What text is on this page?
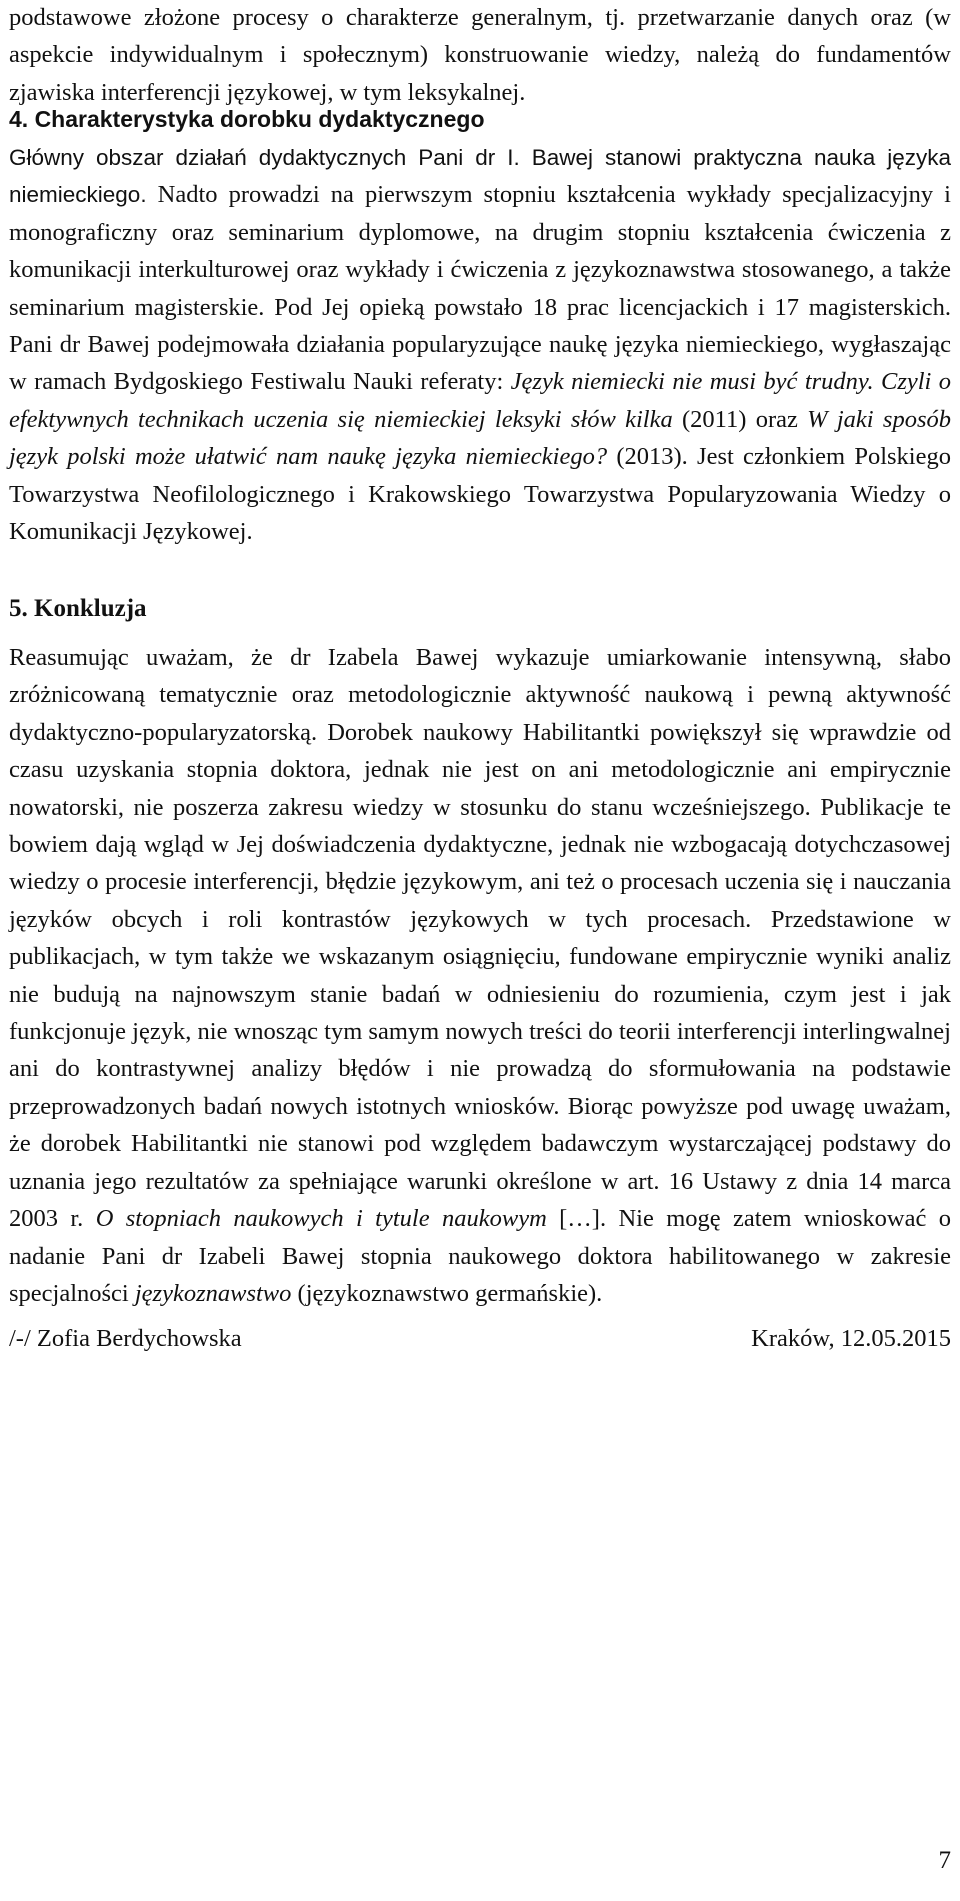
podstawowe złożone procesy o charakterze generalnym, tj. przetwarzanie danych oraz (w aspekcie indywidualnym i społecznym) konstruowanie wiedzy, należą do fundamentów zjawiska interferencji językowej, w tym leksykalnej.

4. Charakterystyka dorobku dydaktycznego

Główny obszar działań dydaktycznych Pani dr I. Bawej stanowi praktyczna nauka języka niemieckiego. Nadto prowadzi na pierwszym stopniu kształcenia wykłady specjalizacyjny i monograficzny oraz seminarium dyplomowe, na drugim stopniu kształcenia ćwiczenia z komunikacji interkulturowej oraz wykłady i ćwiczenia z językoznawstwa stosowanego, a także seminarium magisterskie. Pod Jej opieką powstało 18 prac licencjackich i 17 magisterskich. Pani dr Bawej podejmowała działania popularyzujące naukę języka niemieckiego, wygłaszając w ramach Bydgoskiego Festiwalu Nauki referaty: Język niemiecki nie musi być trudny. Czyli o efektywnych technikach uczenia się niemieckiej leksyki słów kilka (2011) oraz W jaki sposób język polski może ułatwić nam naukę języka niemieckiego? (2013). Jest członkiem Polskiego Towarzystwa Neofilologicznego i Krakowskiego Towarzystwa Popularyzowania Wiedzy o Komunikacji Językowej.

5. Konkluzja

Reasumując uważam, że dr Izabela Bawej wykazuje umiarkowanie intensywną, słabo zróżnicowaną tematycznie oraz metodologicznie aktywność naukową i pewną aktywność dydaktyczno-popularyzatorską. Dorobek naukowy Habilitantki powiększył się wprawdzie od czasu uzyskania stopnia doktora, jednak nie jest on ani metodologicznie ani empirycznie nowatorski, nie poszerza zakresu wiedzy w stosunku do stanu wcześniejszego. Publikacje te bowiem dają wgląd w Jej doświadczenia dydaktyczne, jednak nie wzbogacają dotychczasowej wiedzy o procesie interferencji, błędzie językowym, ani też o procesach uczenia się i nauczania języków obcych i roli kontrastów językowych w tych procesach. Przedstawione w publikacjach, w tym także we wskazanym osiągnięciu, fundowane empirycznie wyniki analiz nie budują na najnowszym stanie badań w odniesieniu do rozumienia, czym jest i jak funkcjonuje język, nie wnosząc tym samym nowych treści do teorii interferencji interlingwalnej ani do kontrastywnej analizy błędów i nie prowadzą do sformułowania na podstawie przeprowadzonych badań nowych istotnych wniosków. Biorąc powyższe pod uwagę uważam, że dorobek Habilitantki nie stanowi pod względem badawczym wystarczającej podstawy do uznania jego rezultatów za spełniające warunki określone w art. 16 Ustawy z dnia 14 marca 2003 r. O stopniach naukowych i tytule naukowym […]. Nie mogę zatem wnioskować o nadanie Pani dr Izabeli Bawej stopnia naukowego doktora habilitowanego w zakresie specjalności językoznawstwo (językoznawstwo germańskie).

/-/ Zofia Berdychowska	Kraków, 12.05.2015
7
